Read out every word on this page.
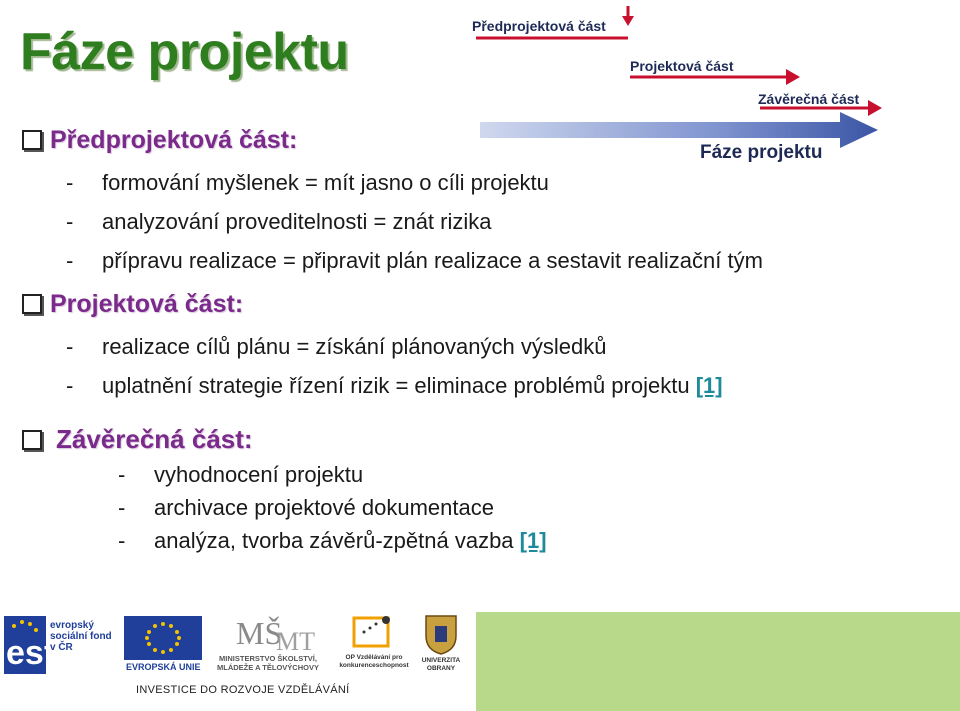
Fáze projektu	Předprojektová část
Projektová část
Závěrečná část
Fáze projektu
Předprojektová část:
- formování myšlenek = mít jasno o cíli projektu
- analyzování proveditelnosti = znát rizika
- přípravu realizace = připravit plán realizace a sestavit realizační tým
Projektová část:
- realizace cílů plánu = získání plánovaných výsledků
- uplatnění strategie řízení rizik = eliminace problémů projektu [1]
Závěrečná část:
- vyhodnocení projektu
- archivace projektové dokumentace
- analýza, tvorba závěrů-zpětná vazba [1]
esf
evropský sociální fond v ČR
EVROPSKÁ UNIE
MŠ
MT
MINISTERSTVO ŠKOLSTVÍ, MLÁDEŽE A TĚLOVÝCHOVY
OP Vzdělávání pro konkurenceschopnost
UNIVERZITA OBRANY
INVESTICE DO ROZVOJE VZDĚLÁVÁNÍ
